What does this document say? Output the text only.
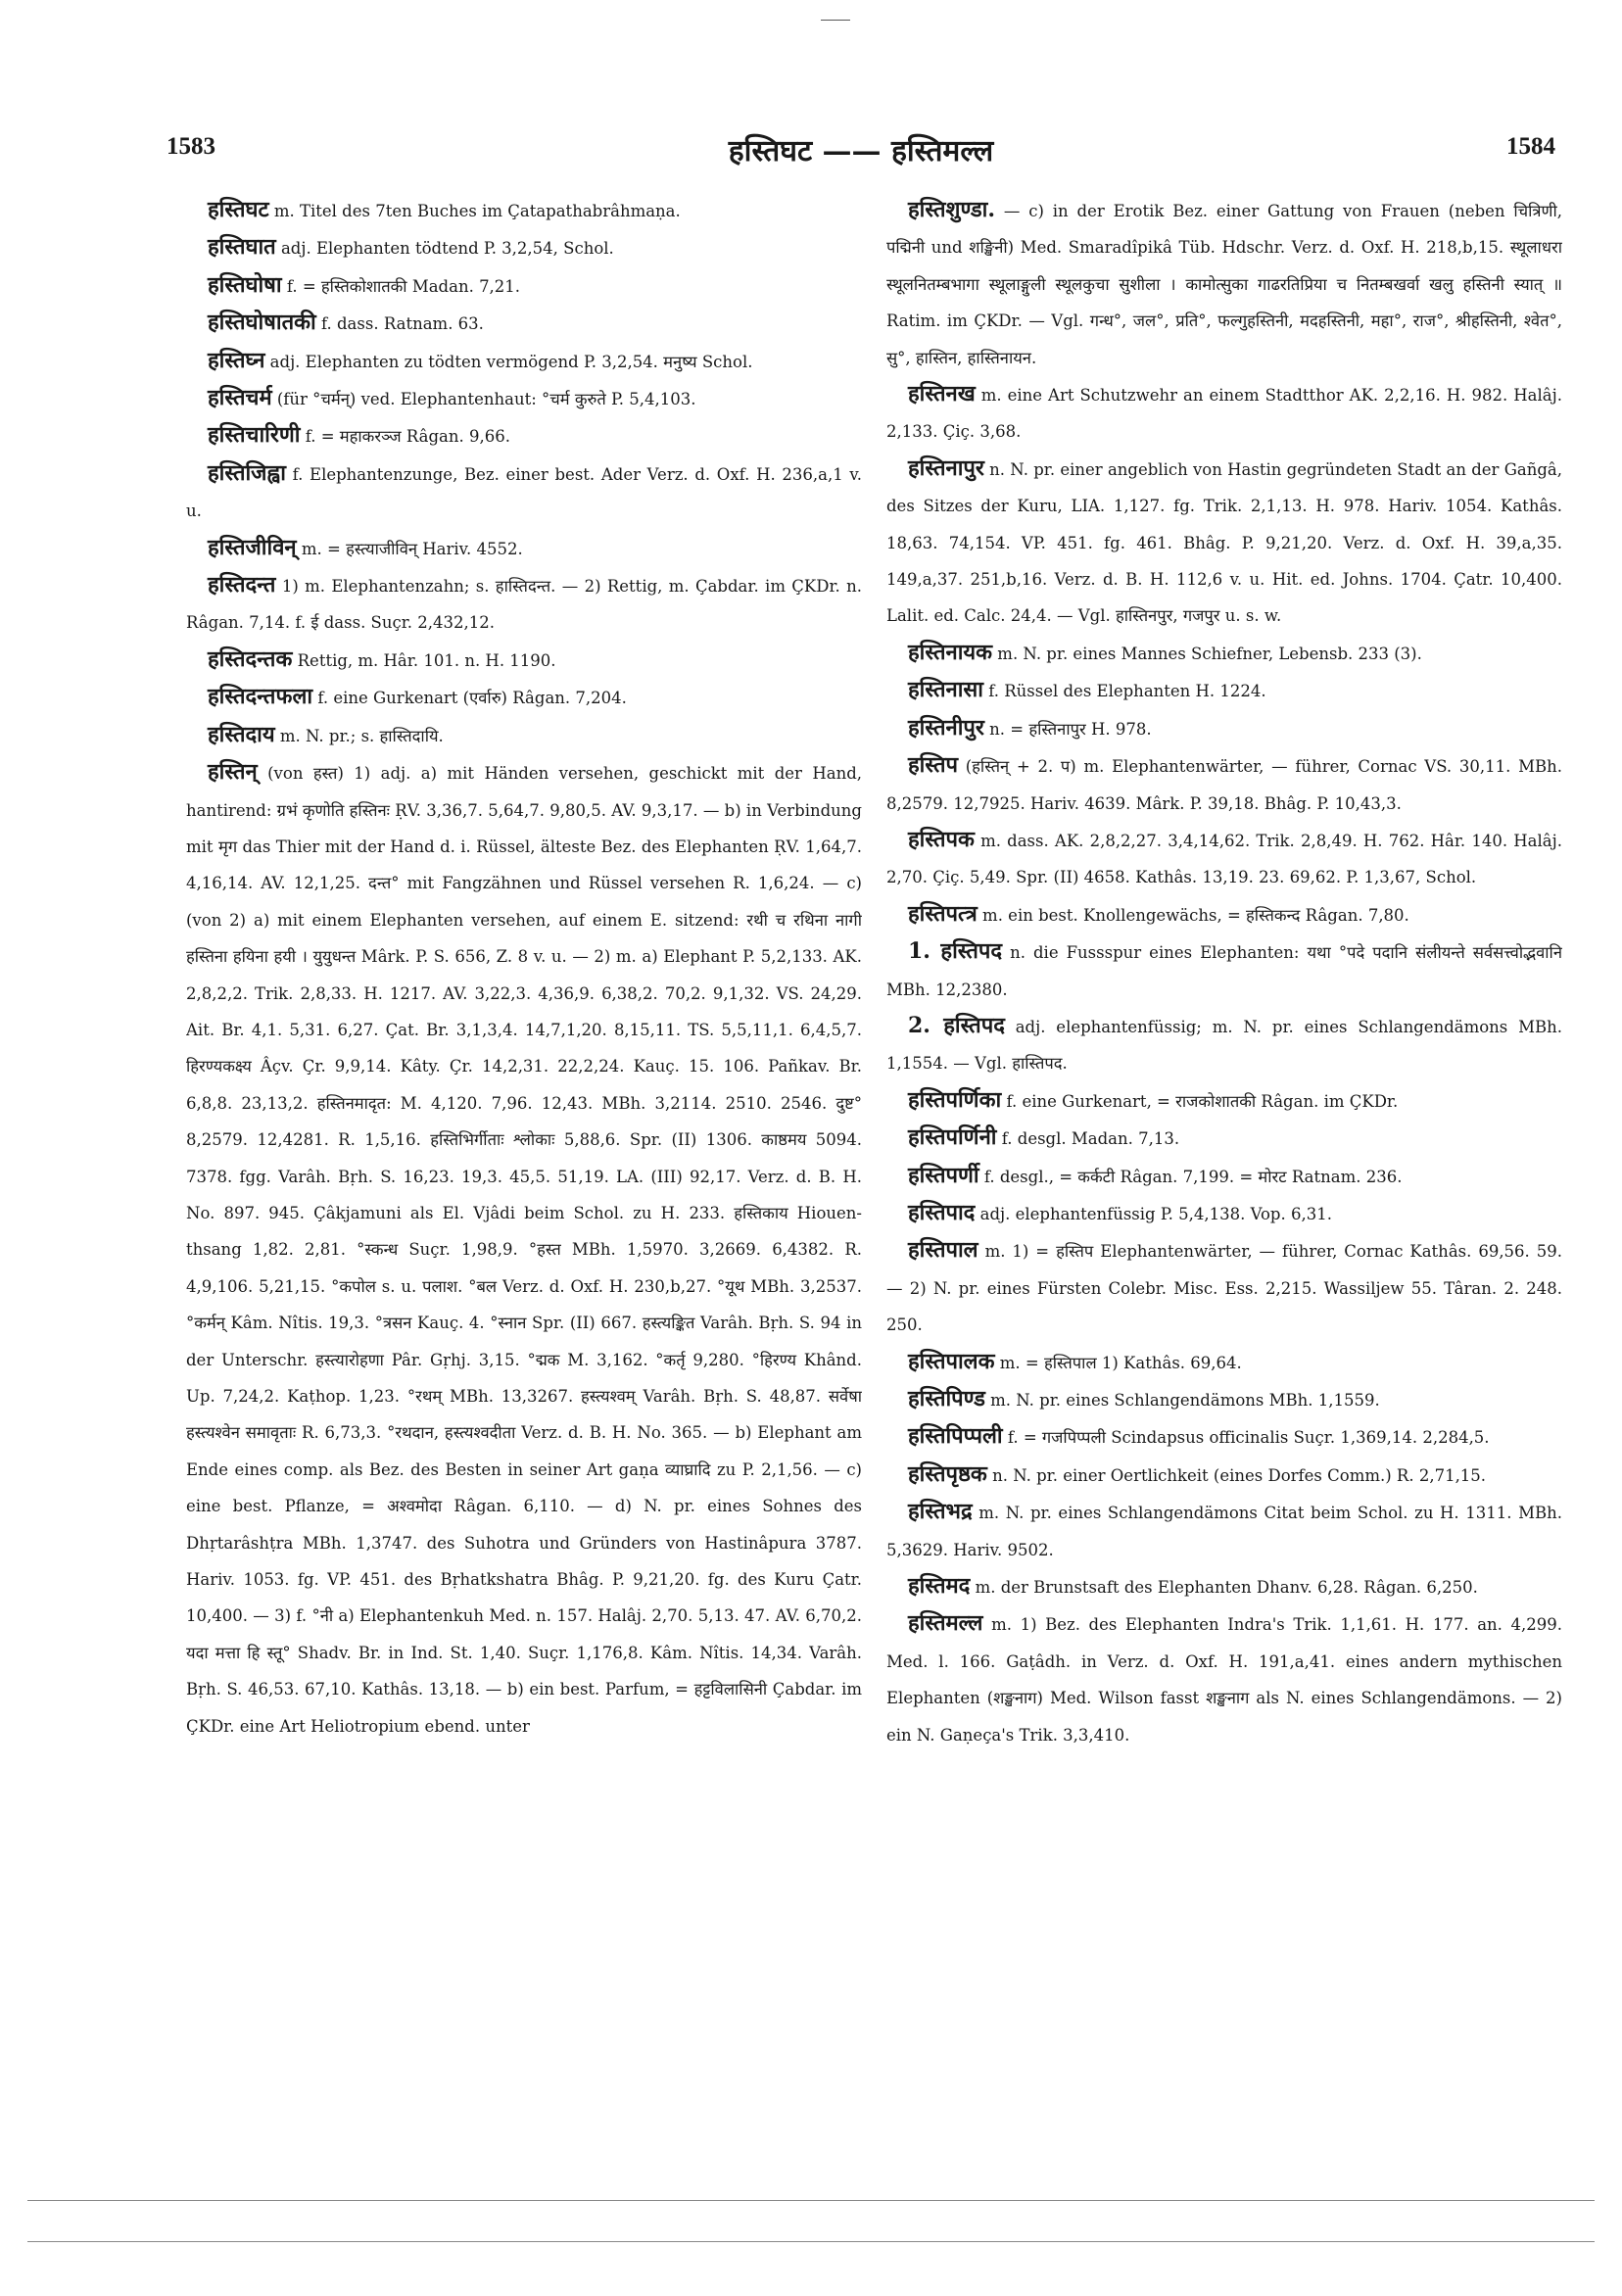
1583	हस्तिघट —— हस्तिमल्ल	1584

हस्तिघट m. Titel des 7ten Buches im Çatapathabrâhmaṇa.

हस्तिघात adj. Elephanten tödtend P. 3,2,54, Schol.

हस्तिघोषा f. = हस्तिकोशातकी Madan. 7,21.

हस्तिघोषातकी f. dass. Ratnam. 63.

हस्तिघ्न adj. Elephanten zu tödten vermögend P. 3,2,54. मनुष्य Schol.

हस्तिचर्म (für °चर्मन्) ved. Elephantenhaut: °चर्म कुरुते P. 5,4,103.

हस्तिचारिणी f. = महाकरञ्ज Râgan. 9,66.

हस्तिजिह्वा f. Elephantenzunge, Bez. einer best. Ader Verz. d. Oxf. H. 236,a,1 v. u.

हस्तिजीविन् m. = हस्त्याजीविन् Hariv. 4552.

हस्तिदन्त 1) m. Elephantenzahn; s. हास्तिदन्त. — 2) Rettig, m. Çabdar. im ÇKDr. n. Râgan. 7,14. f. ई dass. Suçr. 2,432,12.

हस्तिदन्तक Rettig, m. Hâr. 101. n. H. 1190.

हस्तिदन्तफला f. eine Gurkenart (एर्वारु) Râgan. 7,204.

हस्तिदाय m. N. pr.; s. हास्तिदायि.

हस्तिन् (von हस्त) 1) adj. a) mit Händen versehen, geschickt mit der Hand, hantirend: ग्रभं कृणोति हस्तिनः ṚV. 3,36,7. 5,64,7. 9,80,5. AV. 9,3,17. — b) in Verbindung mit मृग das Thier mit der Hand d. i. Rüssel, älteste Bez. des Elephanten ṚV. 1,64,7. 4,16,14. AV. 12,1,25. दन्त° mit Fangzähnen und Rüssel versehen R. 1,6,24. — c) (von 2) a) mit einem Elephanten versehen, auf einem E. sitzend: रथी च रथिना नागी हस्तिना हयिना हयी । युयुधन्त Mârk. P. S. 656, Z. 8 v. u. — 2) m. a) Elephant P. 5,2,133. AK. 2,8,2,2. Trik. 2,8,33. H. 1217. AV. 3,22,3. 4,36,9. 6,38,2. 70,2. 9,1,32. VS. 24,29. Ait. Br. 4,1. 5,31. 6,27. Çat. Br. 3,1,3,4. 14,7,1,20. 8,15,11. TS. 5,5,11,1. 6,4,5,7. हिरण्यकक्ष्य Âçv. Çr. 9,9,14. Kâty. Çr. 14,2,31. 22,2,24. Kauç. 15. 106. Pañkav. Br. 6,8,8. 23,13,2. हस्तिनमादृत: M. 4,120. 7,96. 12,43. MBh. 3,2114. 2510. 2546. दुष्ट° 8,2579. 12,4281. R. 1,5,16. हस्तिभिर्गीताः श्लोकाः 5,88,6. Spr. (II) 1306. काष्ठमय 5094. 7378. fgg. Varâh. Bṛh. S. 16,23. 19,3. 45,5. 51,19. LA. (III) 92,17. Verz. d. B. H. No. 897. 945. Çâkjamuni als El. Vjâdi beim Schol. zu H. 233. हस्तिकाय Hiouen-thsang 1,82. 2,81. °स्कन्ध Suçr. 1,98,9. °हस्त MBh. 1,5970. 3,2669. 6,4382. R. 4,9,106. 5,21,15. °कपोल s. u. पलाश. °बल Verz. d. Oxf. H. 230,b,27. °यूथ MBh. 3,2537. °कर्मन् Kâm. Nîtis. 19,3. °त्रसन Kauç. 4. °स्नान Spr. (II) 667. हस्त्यङ्कित Varâh. Bṛh. S. 94 in der Unterschr. हस्त्यारोहणा Pâr. Gṛhj. 3,15. °द्मक M. 3,162. °कर्तृ 9,280. °हिरण्य Khând. Up. 7,24,2. Kaṭhop. 1,23. °रथम् MBh. 13,3267. हस्त्यश्वम् Varâh. Bṛh. S. 48,87. सर्वेषा हस्त्यश्वेन समावृताः R. 6,73,3. °रथदान, हस्त्यश्वदीता Verz. d. B. H. No. 365. — b) Elephant am Ende eines comp. als Bez. des Besten in seiner Art gaṇa व्याघ्रादि zu P. 2,1,56. — c) eine best. Pflanze, = अश्वमोदा Râgan. 6,110. — d) N. pr. eines Sohnes des Dhṛtarâshṭra MBh. 1,3747. des Suhotra und Gründers von Hastinâpura 3787. Hariv. 1053. fg. VP. 451. des Bṛhatkshatra Bhâg. P. 9,21,20. fg. des Kuru Çatr. 10,400. — 3) f. °नी a) Elephantenkuh Med. n. 157. Halâj. 2,70. 5,13. 47. AV. 6,70,2. यदा मत्ता हि स्तू° Shadv. Br. in Ind. St. 1,40. Suçr. 1,176,8. Kâm. Nîtis. 14,34. Varâh. Bṛh. S. 46,53. 67,10. Kathâs. 13,18. — b) ein best. Parfum, = हट्टविलासिनी Çabdar. im ÇKDr. eine Art Heliotropium ebend. unter

हस्तिशुण्डा. — c) in der Erotik Bez. einer Gattung von Frauen (neben चित्रिणी, पद्मिनी und शङ्खिनी) Med. Smaradîpikâ Tüb. Hdschr. Verz. d. Oxf. H. 218,b,15. स्थूलाधरा स्थूलनितम्बभागा स्थूलाङ्गुली स्थूलकुचा सुशीला । कामोत्सुका गाढरतिप्रिया च नितम्बखर्वा खलु हस्तिनी स्यात् ॥ Ratim. im ÇKDr. — Vgl. गन्ध°, जल°, प्रति°, फल्गुहस्तिनी, मदहस्तिनी, महा°, राज°, श्रीहस्तिनी, श्वेत°, सु°, हास्तिन, हास्तिनायन.

हस्तिनख m. eine Art Schutzwehr an einem Stadtthor AK. 2,2,16. H. 982. Halâj. 2,133. Çiç. 3,68.

हस्तिनापुर n. N. pr. einer angeblich von Hastin gegründeten Stadt an der Gañgâ, des Sitzes der Kuru, LIA. 1,127. fg. Trik. 2,1,13. H. 978. Hariv. 1054. Kathâs. 18,63. 74,154. VP. 451. fg. 461. Bhâg. P. 9,21,20. Verz. d. Oxf. H. 39,a,35. 149,a,37. 251,b,16. Verz. d. B. H. 112,6 v. u. Hit. ed. Johns. 1704. Çatr. 10,400. Lalit. ed. Calc. 24,4. — Vgl. हास्तिनपुर, गजपुर u. s. w.

हस्तिनायक m. N. pr. eines Mannes Schiefner, Lebensb. 233 (3).

हस्तिनासा f. Rüssel des Elephanten H. 1224.

हस्तिनीपुर n. = हस्तिनापुर H. 978.

हस्तिप (हस्तिन् + 2. प) m. Elephantenwärter, — führer, Cornac VS. 30,11. MBh. 8,2579. 12,7925. Hariv. 4639. Mârk. P. 39,18. Bhâg. P. 10,43,3.

हस्तिपक m. dass. AK. 2,8,2,27. 3,4,14,62. Trik. 2,8,49. H. 762. Hâr. 140. Halâj. 2,70. Çiç. 5,49. Spr. (II) 4658. Kathâs. 13,19. 23. 69,62. P. 1,3,67, Schol.

हस्तिपत्त्र m. ein best. Knollengewächs, = हस्तिकन्द Râgan. 7,80.

1. हस्तिपद n. die Fussspur eines Elephanten: यथा °पदे पदानि संलीयन्ते सर्वसत्त्वोद्भवानि MBh. 12,2380.

2. हस्तिपद adj. elephantenfüssig; m. N. pr. eines Schlangendämons MBh. 1,1554. — Vgl. हास्तिपद.

हस्तिपर्णिका f. eine Gurkenart, = राजकोशातकी Râgan. im ÇKDr.

हस्तिपर्णिनी f. desgl. Madan. 7,13.

हस्तिपर्णी f. desgl., = कर्कटी Râgan. 7,199. = मोरट Ratnam. 236.

हस्तिपाद adj. elephantenfüssig P. 5,4,138. Vop. 6,31.

हस्तिपाल m. 1) = हस्तिप Elephantenwärter, — führer, Cornac Kathâs. 69,56. 59. — 2) N. pr. eines Fürsten Colebr. Misc. Ess. 2,215. Wassiljew 55. Târan. 2. 248. 250.

हस्तिपालक m. = हस्तिपाल 1) Kathâs. 69,64.

हस्तिपिण्ड m. N. pr. eines Schlangendämons MBh. 1,1559.

हस्तिपिप्पली f. = गजपिप्पली Scindapsus officinalis Suçr. 1,369,14. 2,284,5.

हस्तिपृष्ठक n. N. pr. einer Oertlichkeit (eines Dorfes Comm.) R. 2,71,15.

हस्तिभद्र m. N. pr. eines Schlangendämons Citat beim Schol. zu H. 1311. MBh. 5,3629. Hariv. 9502.

हस्तिमद m. der Brunstsaft des Elephanten Dhanv. 6,28. Râgan. 6,250.

हस्तिमल्ल m. 1) Bez. des Elephanten Indra's Trik. 1,1,61. H. 177. an. 4,299. Med. l. 166. Gaṭâdh. in Verz. d. Oxf. H. 191,a,41. eines andern mythischen Elephanten (शङ्खनाग) Med. Wilson fasst शङ्खनाग als N. eines Schlangendämons. — 2) ein N. Gaṇeça's Trik. 3,3,410.
